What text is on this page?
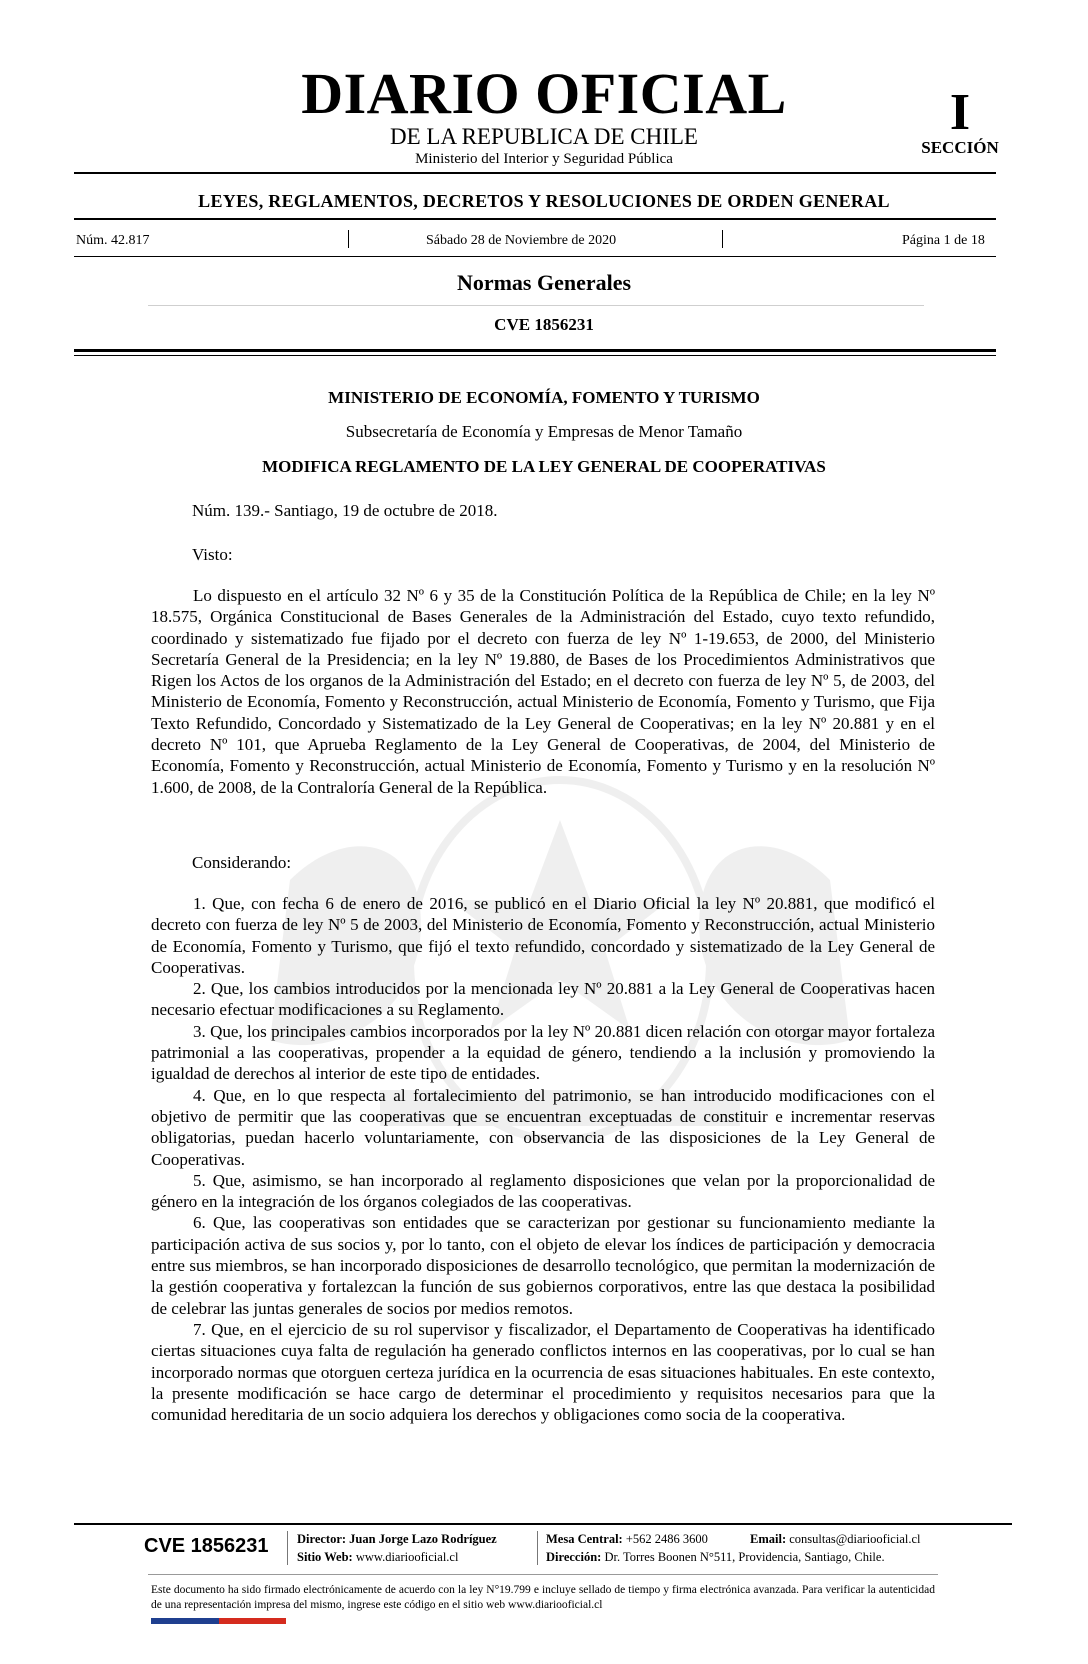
DIARIO OFICIAL
DE LA REPUBLICA DE CHILE
Ministerio del Interior y Seguridad Pública
I
SECCIÓN
LEYES, REGLAMENTOS, DECRETOS Y RESOLUCIONES DE ORDEN GENERAL
Núm. 42.817	Sábado 28 de Noviembre de 2020	Página 1 de 18
Normas Generales
CVE 1856231
MINISTERIO DE ECONOMÍA, FOMENTO Y TURISMO
Subsecretaría de Economía y Empresas de Menor Tamaño
MODIFICA REGLAMENTO DE LA LEY GENERAL DE COOPERATIVAS
Núm. 139.- Santiago, 19 de octubre de 2018.
Visto:

Lo dispuesto en el artículo 32 Nº 6 y 35 de la Constitución Política de la República de Chile; en la ley Nº 18.575, Orgánica Constitucional de Bases Generales de la Administración del Estado, cuyo texto refundido, coordinado y sistematizado fue fijado por el decreto con fuerza de ley Nº 1-19.653, de 2000, del Ministerio Secretaría General de la Presidencia; en la ley Nº 19.880, de Bases de los Procedimientos Administrativos que Rigen los Actos de los organos de la Administración del Estado; en el decreto con fuerza de ley Nº 5, de 2003, del Ministerio de Economía, Fomento y Reconstrucción, actual Ministerio de Economía, Fomento y Turismo, que Fija Texto Refundido, Concordado y Sistematizado de la Ley General de Cooperativas; en la ley Nº 20.881 y en el decreto Nº 101, que Aprueba Reglamento de la Ley General de Cooperativas, de 2004, del Ministerio de Economía, Fomento y Reconstrucción, actual Ministerio de Economía, Fomento y Turismo y en la resolución Nº 1.600, de 2008, de la Contraloría General de la República.

Considerando:

1. Que, con fecha 6 de enero de 2016, se publicó en el Diario Oficial la ley Nº 20.881, que modificó el decreto con fuerza de ley Nº 5 de 2003, del Ministerio de Economía, Fomento y Reconstrucción, actual Ministerio de Economía, Fomento y Turismo, que fijó el texto refundido, concordado y sistematizado de la Ley General de Cooperativas.

2. Que, los cambios introducidos por la mencionada ley Nº 20.881 a la Ley General de Cooperativas hacen necesario efectuar modificaciones a su Reglamento.

3. Que, los principales cambios incorporados por la ley Nº 20.881 dicen relación con otorgar mayor fortaleza patrimonial a las cooperativas, propender a la equidad de género, tendiendo a la inclusión y promoviendo la igualdad de derechos al interior de este tipo de entidades.

4. Que, en lo que respecta al fortalecimiento del patrimonio, se han introducido modificaciones con el objetivo de permitir que las cooperativas que se encuentran exceptuadas de constituir e incrementar reservas obligatorias, puedan hacerlo voluntariamente, con observancia de las disposiciones de la Ley General de Cooperativas.

5. Que, asimismo, se han incorporado al reglamento disposiciones que velan por la proporcionalidad de género en la integración de los órganos colegiados de las cooperativas.

6. Que, las cooperativas son entidades que se caracterizan por gestionar su funcionamiento mediante la participación activa de sus socios y, por lo tanto, con el objeto de elevar los índices de participación y democracia entre sus miembros, se han incorporado disposiciones de desarrollo tecnológico, que permitan la modernización de la gestión cooperativa y fortalezcan la función de sus gobiernos corporativos, entre las que destaca la posibilidad de celebrar las juntas generales de socios por medios remotos.

7. Que, en el ejercicio de su rol supervisor y fiscalizador, el Departamento de Cooperativas ha identificado ciertas situaciones cuya falta de regulación ha generado conflictos internos en las cooperativas, por lo cual se han incorporado normas que otorguen certeza jurídica en la ocurrencia de esas situaciones habituales. En este contexto, la presente modificación se hace cargo de determinar el procedimiento y requisitos necesarios para que la comunidad hereditaria de un socio adquiera los derechos y obligaciones como socia de la cooperativa.

CVE 1856231 Director: Juan Jorge Lazo Rodríguez
Sitio Web: www.diariooficial.cl
Mesa Central: +562 2486 3600	Email: consultas@diariooficial.cl
Dirección: Dr. Torres Boonen N°511, Providencia, Santiago, Chile.
Este documento ha sido firmado electrónicamente de acuerdo con la ley N°19.799 e incluye sellado de tiempo y firma electrónica avanzada. Para verificar la autenticidad de una representación impresa del mismo, ingrese este código en el sitio web www.diariooficial.cl
